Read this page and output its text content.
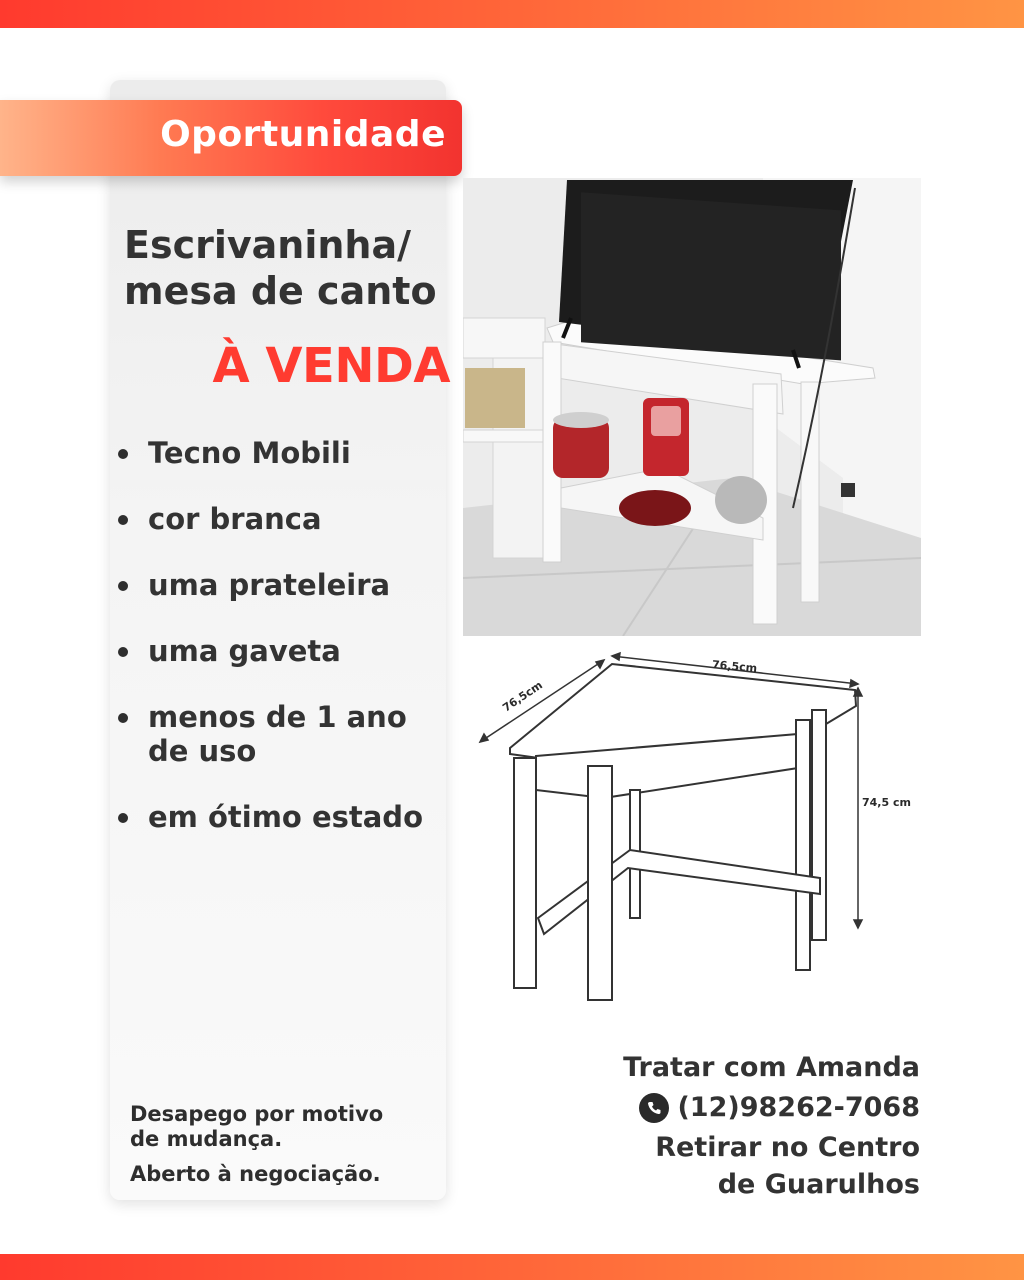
Oportunidade
Escrivaninha/
mesa de canto
À VENDA
Tecno Mobili
cor branca
uma prateleira
uma gaveta
menos de 1 ano de uso
em ótimo estado
Desapego por motivo de mudança.
Aberto à negociação.
76,5cm
76,5cm
74,5 cm
Tratar com Amanda
(12)98262-7068
Retirar no Centro
de Guarulhos
